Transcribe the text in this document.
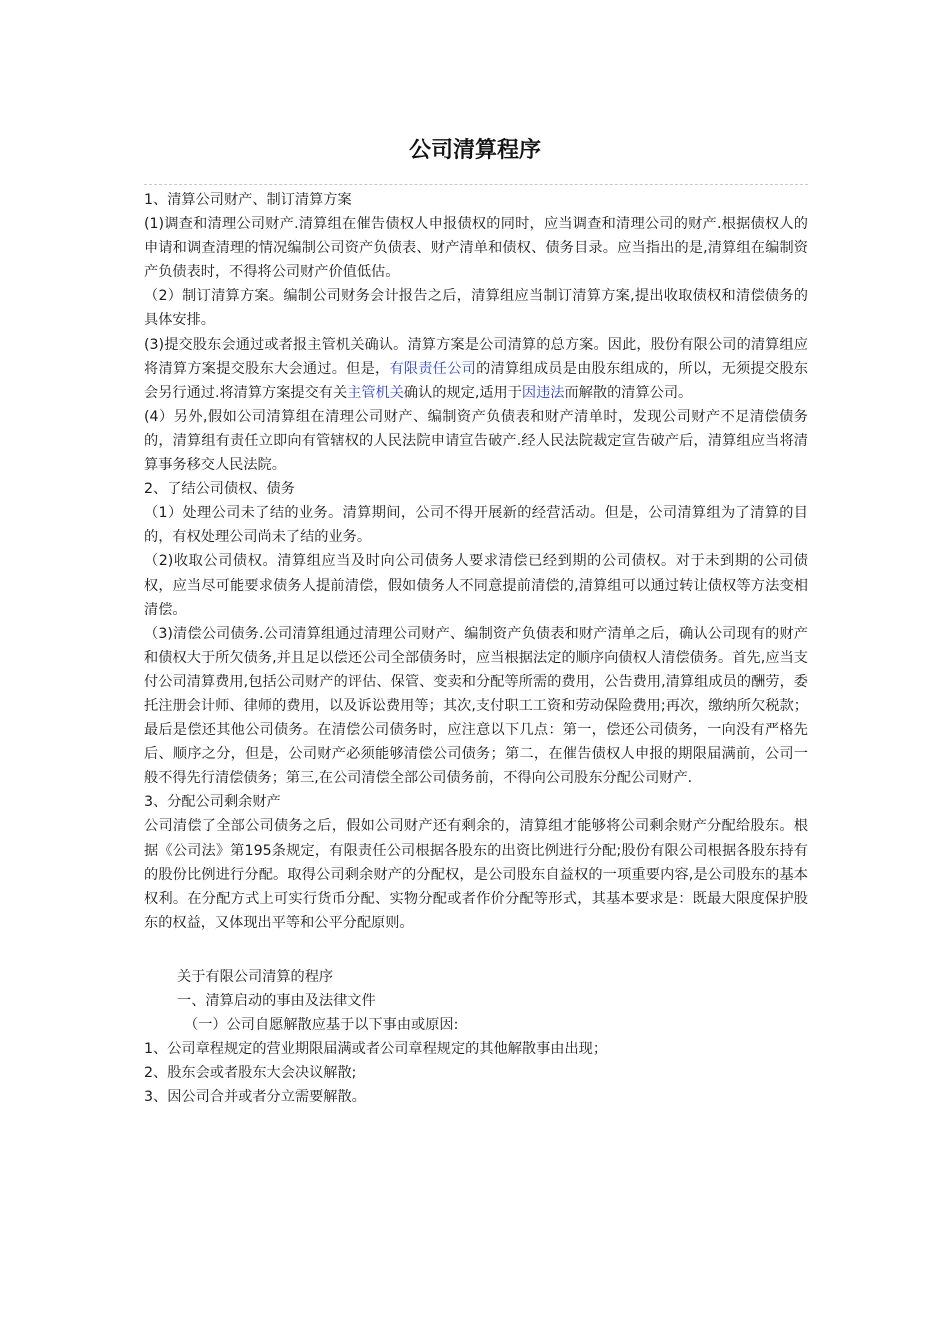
公司清算程序

1、清算公司财产、制订清算方案

(1)调查和清理公司财产.清算组在催告债权人申报债权的同时，应当调查和清理公司的财产.根据债权人的申请和调查清理的情况编制公司资产负债表、财产清单和债权、债务目录。应当指出的是,清算组在编制资产负债表时，不得将公司财产价值低估。

（2）制订清算方案。编制公司财务会计报告之后，清算组应当制订清算方案,提出收取债权和清偿债务的具体安排。

(3)提交股东会通过或者报主管机关确认。清算方案是公司清算的总方案。因此，股份有限公司的清算组应将清算方案提交股东大会通过。但是，有限责任公司的清算组成员是由股东组成的，所以，无须提交股东会另行通过.将清算方案提交有关主管机关确认的规定,适用于因违法而解散的清算公司。

(4）另外,假如公司清算组在清理公司财产、编制资产负债表和财产清单时，发现公司财产不足清偿债务的，清算组有责任立即向有管辖权的人民法院申请宣告破产.经人民法院裁定宣告破产后，清算组应当将清算事务移交人民法院。

2、了结公司债权、债务

（1）处理公司未了结的业务。清算期间，公司不得开展新的经营活动。但是，公司清算组为了清算的目的，有权处理公司尚未了结的业务。

（2)收取公司债权。清算组应当及时向公司债务人要求清偿已经到期的公司债权。对于未到期的公司债权，应当尽可能要求债务人提前清偿，假如债务人不同意提前清偿的,清算组可以通过转让债权等方法变相清偿。

（3)清偿公司债务.公司清算组通过清理公司财产、编制资产负债表和财产清单之后，确认公司现有的财产和债权大于所欠债务,并且足以偿还公司全部债务时，应当根据法定的顺序向债权人清偿债务。首先,应当支付公司清算费用,包括公司财产的评估、保管、变卖和分配等所需的费用，公告费用,清算组成员的酬劳，委托注册会计师、律师的费用，以及诉讼费用等；其次,支付职工工资和劳动保险费用;再次，缴纳所欠税款；最后是偿还其他公司债务。在清偿公司债务时，应注意以下几点：第一，偿还公司债务，一向没有严格先后、顺序之分，但是，公司财产必须能够清偿公司债务；第二，在催告债权人申报的期限届满前，公司一般不得先行清偿债务；第三,在公司清偿全部公司债务前，不得向公司股东分配公司财产.

3、分配公司剩余财产

公司清偿了全部公司债务之后，假如公司财产还有剩余的，清算组才能够将公司剩余财产分配给股东。根据《公司法》第195条规定，有限责任公司根据各股东的出资比例进行分配;股份有限公司根据各股东持有的股份比例进行分配。取得公司剩余财产的分配权，是公司股东自益权的一项重要内容,是公司股东的基本权利。在分配方式上可实行货币分配、实物分配或者作价分配等形式，其基本要求是：既最大限度保护股东的权益，又体现出平等和公平分配原则。

关于有限公司清算的程序

一、清算启动的事由及法律文件

（一）公司自愿解散应基于以下事由或原因:

1、公司章程规定的营业期限届满或者公司章程规定的其他解散事由出现；

2、股东会或者股东大会决议解散;

3、因公司合并或者分立需要解散。
